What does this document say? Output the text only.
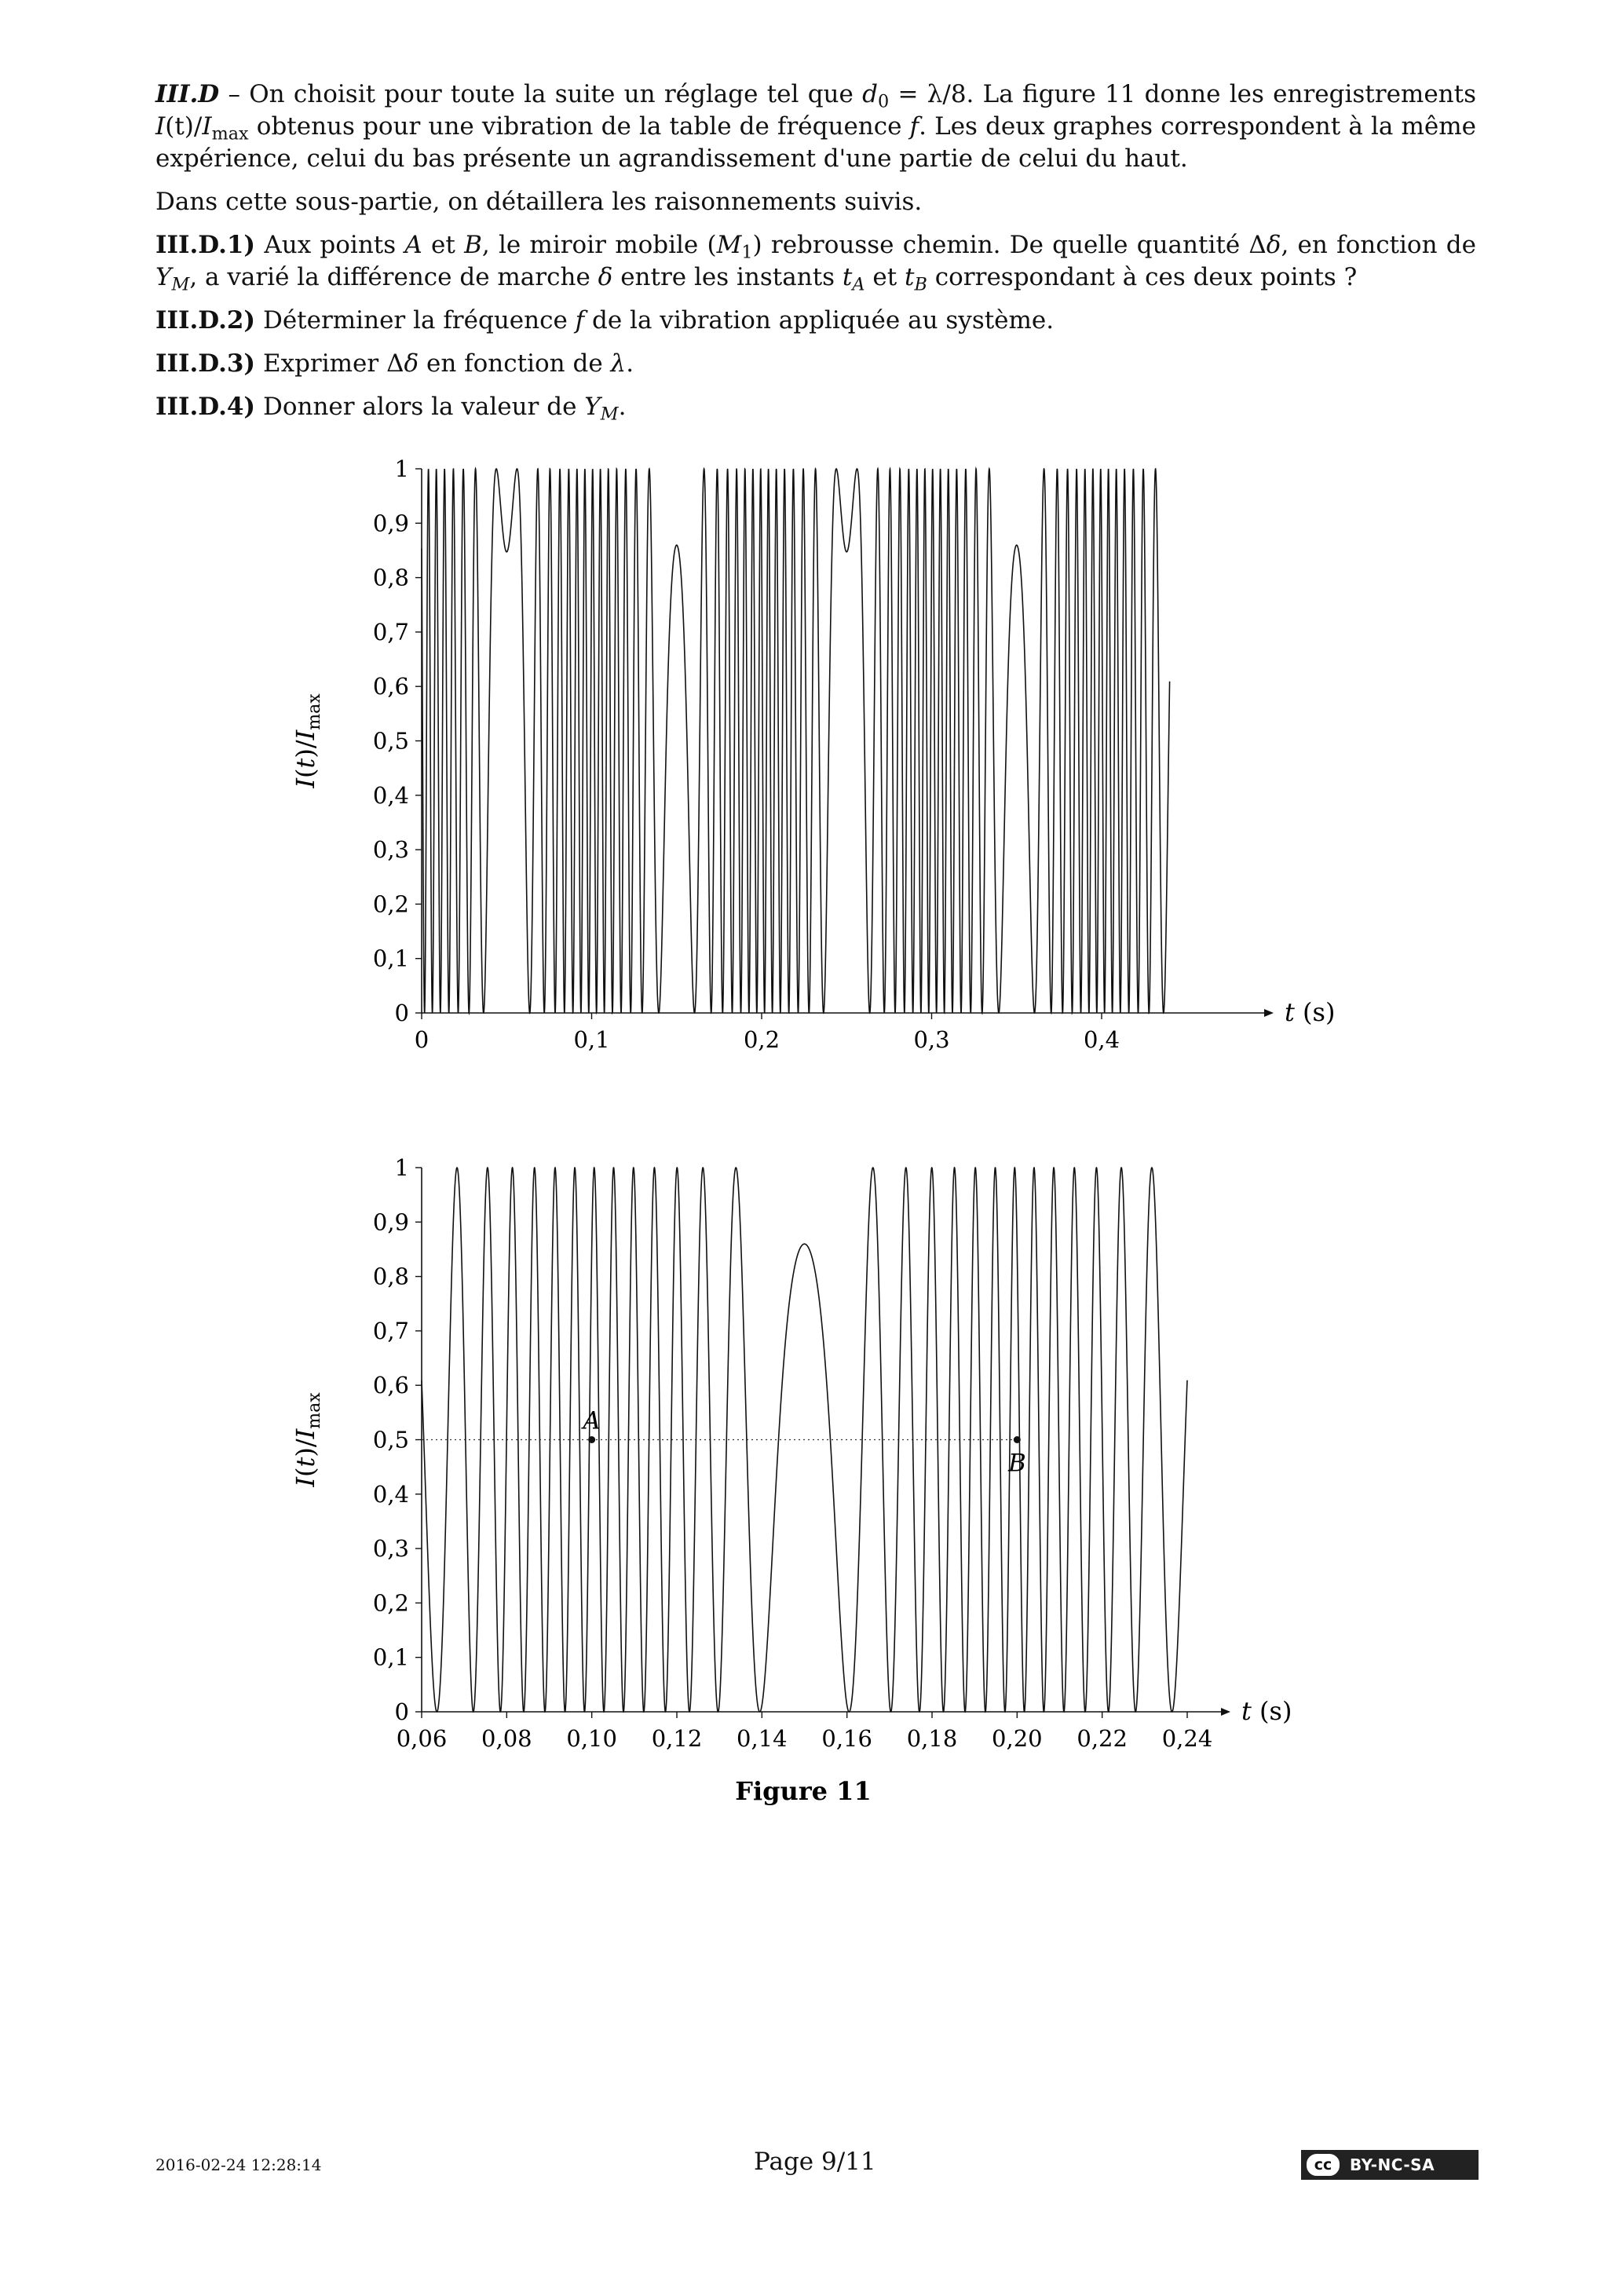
III.D – On choisit pour toute la suite un réglage tel que $d_0 = \lambda/8$. La figure 11 donne les enregistrements $I(t)/I_{max}$ obtenus pour une vibration de la table de fréquence f. Les deux graphes correspondent à la même expérience, celui du bas présente un agrandissement d'une partie de celui du haut.

Dans cette sous-partie, on détaillera les raisonnements suivis.

III.D.1) Aux points A et B, le miroir mobile $(M_1)$ rebrousse chemin. De quelle quantité Δδ, en fonction de $Y_M$, a varié la différence de marche δ entre les instants $t_A$ et $t_B$ correspondant à ces deux points ?

III.D.2) Déterminer la fréquence f de la vibration appliquée au système.

III.D.3) Exprimer Δδ en fonction de λ.

III.D.4) Donner alors la valeur de $Y_M$.

0
0,1
0,2
0,3
0,4
0,5
0,6
0,7
0,8
0,9
1
0	0,1	0,2	0,3	0,4
t (s)
$I(t)/I_{max}$
0
0,1
0,2
0,3
0,4
0,5
0,6
0,7
0,8
0,9
1
0,06 0,08 0,10 0,12 0,14 0,16 0,18 0,20 0,22 0,24
t (s)
$I(t)/I_{max}$	A
B
Figure 11
2016-02-24 12:28:14	Page 9/11	cc	BY-NC-SA
